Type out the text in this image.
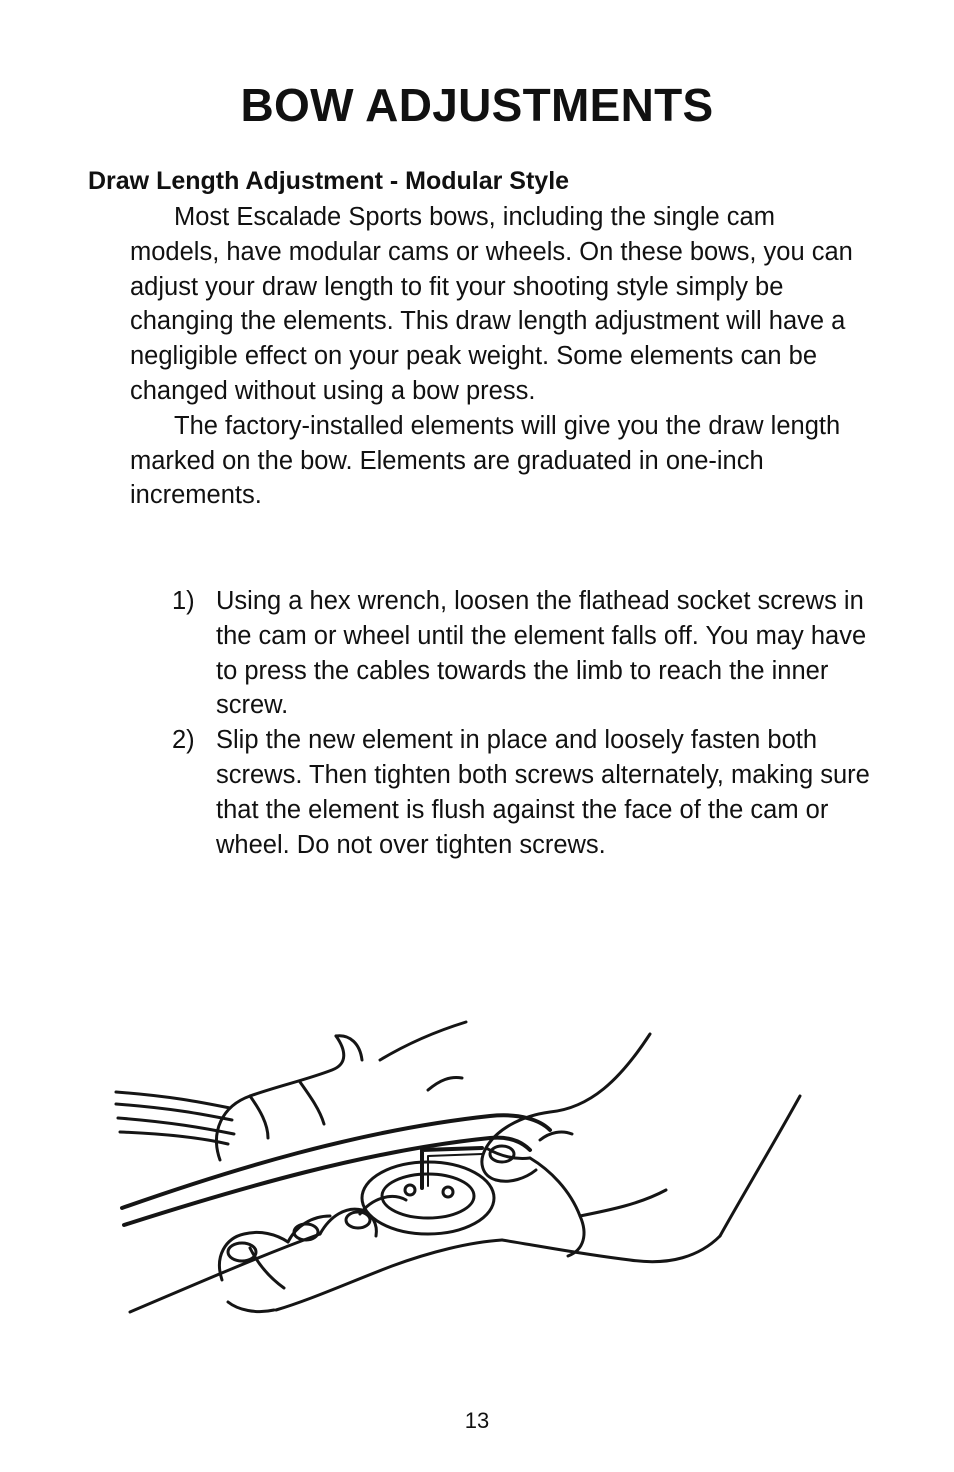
BOW ADJUSTMENTS
Draw Length Adjustment - Modular Style

Most Escalade Sports bows, including the single cam models, have modular cams or wheels. On these bows, you can adjust your draw length to fit your shooting style simply be changing the elements. This draw length adjustment will have a negligible effect on your peak weight. Some elements can be changed without using a bow press.

The factory-installed elements will give you the draw length marked on the bow. Elements are graduated in one-inch increments.

1) Using a hex wrench, loosen the flathead socket screws in the cam or wheel until the element falls off. You may have to press the cables towards the limb to reach the inner screw.
2) Slip the new element in place and loosely fasten both screws. Then tighten both screws alternately, making sure that the element is flush against the face of the cam or wheel. Do not over tighten screws.
13
